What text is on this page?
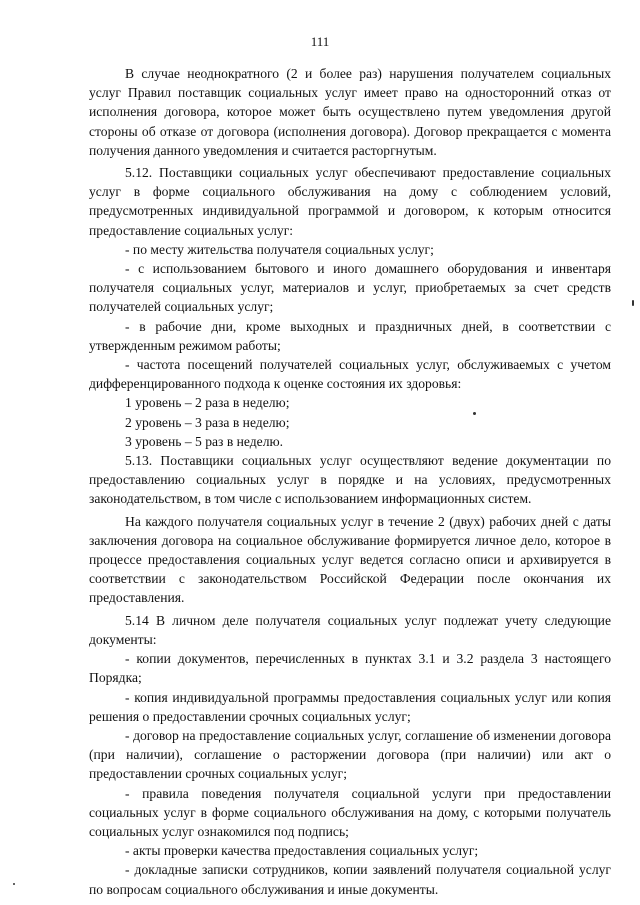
111

В случае неоднократного (2 и более раз) нарушения получателем социальных услуг Правил поставщик социальных услуг имеет право на односторонний отказ от исполнения договора, которое может быть осуществлено путем уведомления другой стороны об отказе от договора (исполнения договора). Договор прекращается с момента получения данного уведомления и считается расторгнутым.

5.12. Поставщики социальных услуг обеспечивают предоставление социальных услуг в форме социального обслуживания на дому с соблюдением условий, предусмотренных индивидуальной программой и договором, к которым относится предоставление социальных услуг:

- по месту жительства получателя социальных услуг;

- с использованием бытового и иного домашнего оборудования и инвентаря получателя социальных услуг, материалов и услуг, приобретаемых за счет средств получателей социальных услуг;

- в рабочие дни, кроме выходных и праздничных дней, в соответствии с утвержденным режимом работы;

- частота посещений получателей социальных услуг, обслуживаемых с учетом дифференцированного подхода к оценке состояния их здоровья:

1 уровень – 2 раза в неделю;

2 уровень – 3 раза в неделю;

3 уровень – 5 раз в неделю.

5.13. Поставщики социальных услуг осуществляют ведение документации по предоставлению социальных услуг в порядке и на условиях, предусмотренных законодательством, в том числе с использованием информационных систем.

На каждого получателя социальных услуг в течение 2 (двух) рабочих дней с даты заключения договора на социальное обслуживание формируется личное дело, которое в процессе предоставления социальных услуг ведется согласно описи и архивируется в соответствии с законодательством Российской Федерации после окончания их предоставления.

5.14 В личном деле получателя социальных услуг подлежат учету следующие документы:

- копии документов, перечисленных в пунктах 3.1 и 3.2 раздела 3 настоящего Порядка;

- копия индивидуальной программы предоставления социальных услуг или копия решения о предоставлении срочных социальных услуг;

- договор на предоставление социальных услуг, соглашение об изменении договора (при наличии), соглашение о расторжении договора (при наличии) или акт о предоставлении срочных социальных услуг;

- правила поведения получателя социальной услуги при предоставлении социальных услуг в форме социального обслуживания на дому, с которыми получатель социальных услуг ознакомился под подпись;

- акты проверки качества предоставления социальных услуг;

- докладные записки сотрудников, копии заявлений получателя социальной услуг по вопросам социального обслуживания и иные документы.
